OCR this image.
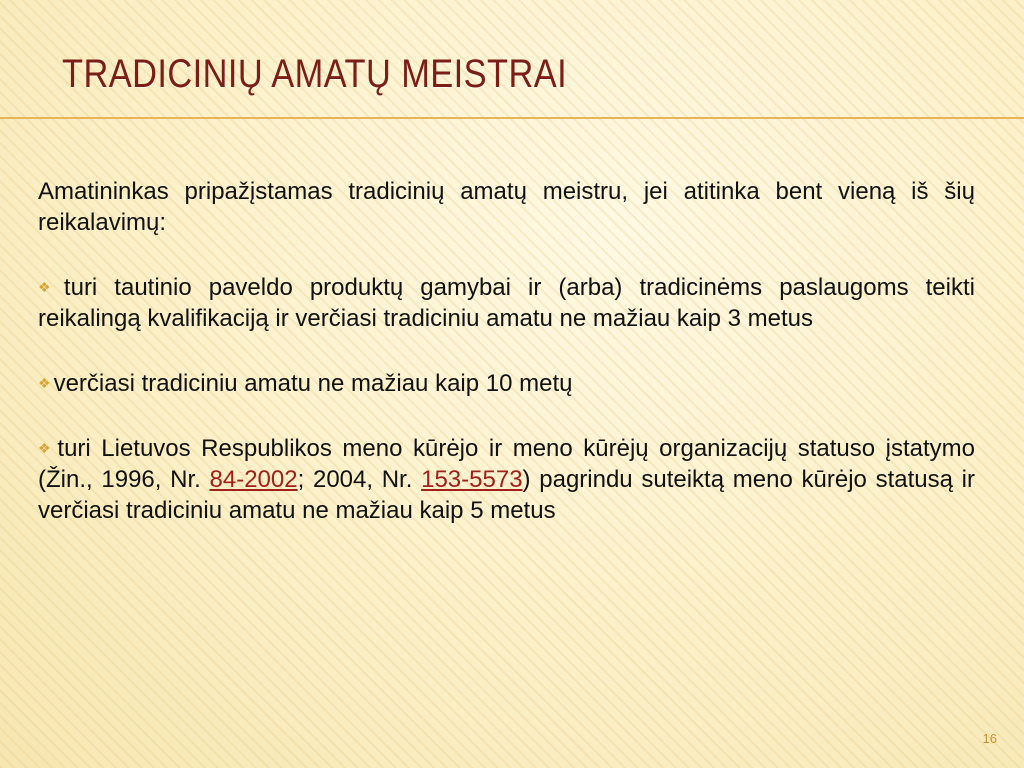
TRADICINIŲ AMATŲ MEISTRAI

Amatininkas pripažįstamas tradicinių amatų meistru, jei atitinka bent vieną iš šių reikalavimų:

❖ turi tautinio paveldo produktų gamybai ir (arba) tradicinėms paslaugoms teikti reikalingą kvalifikaciją ir verčiasi tradiciniu amatu ne mažiau kaip 3 metus

❖ verčiasi tradiciniu amatu ne mažiau kaip 10 metų

❖ turi Lietuvos Respublikos meno kūrėjo ir meno kūrėjų organizacijų statuso įstatymo (Žin., 1996, Nr. 84-2002; 2004, Nr. 153-5573) pagrindu suteiktą meno kūrėjo statusą ir verčiasi tradiciniu amatu ne mažiau kaip 5 metus

16
